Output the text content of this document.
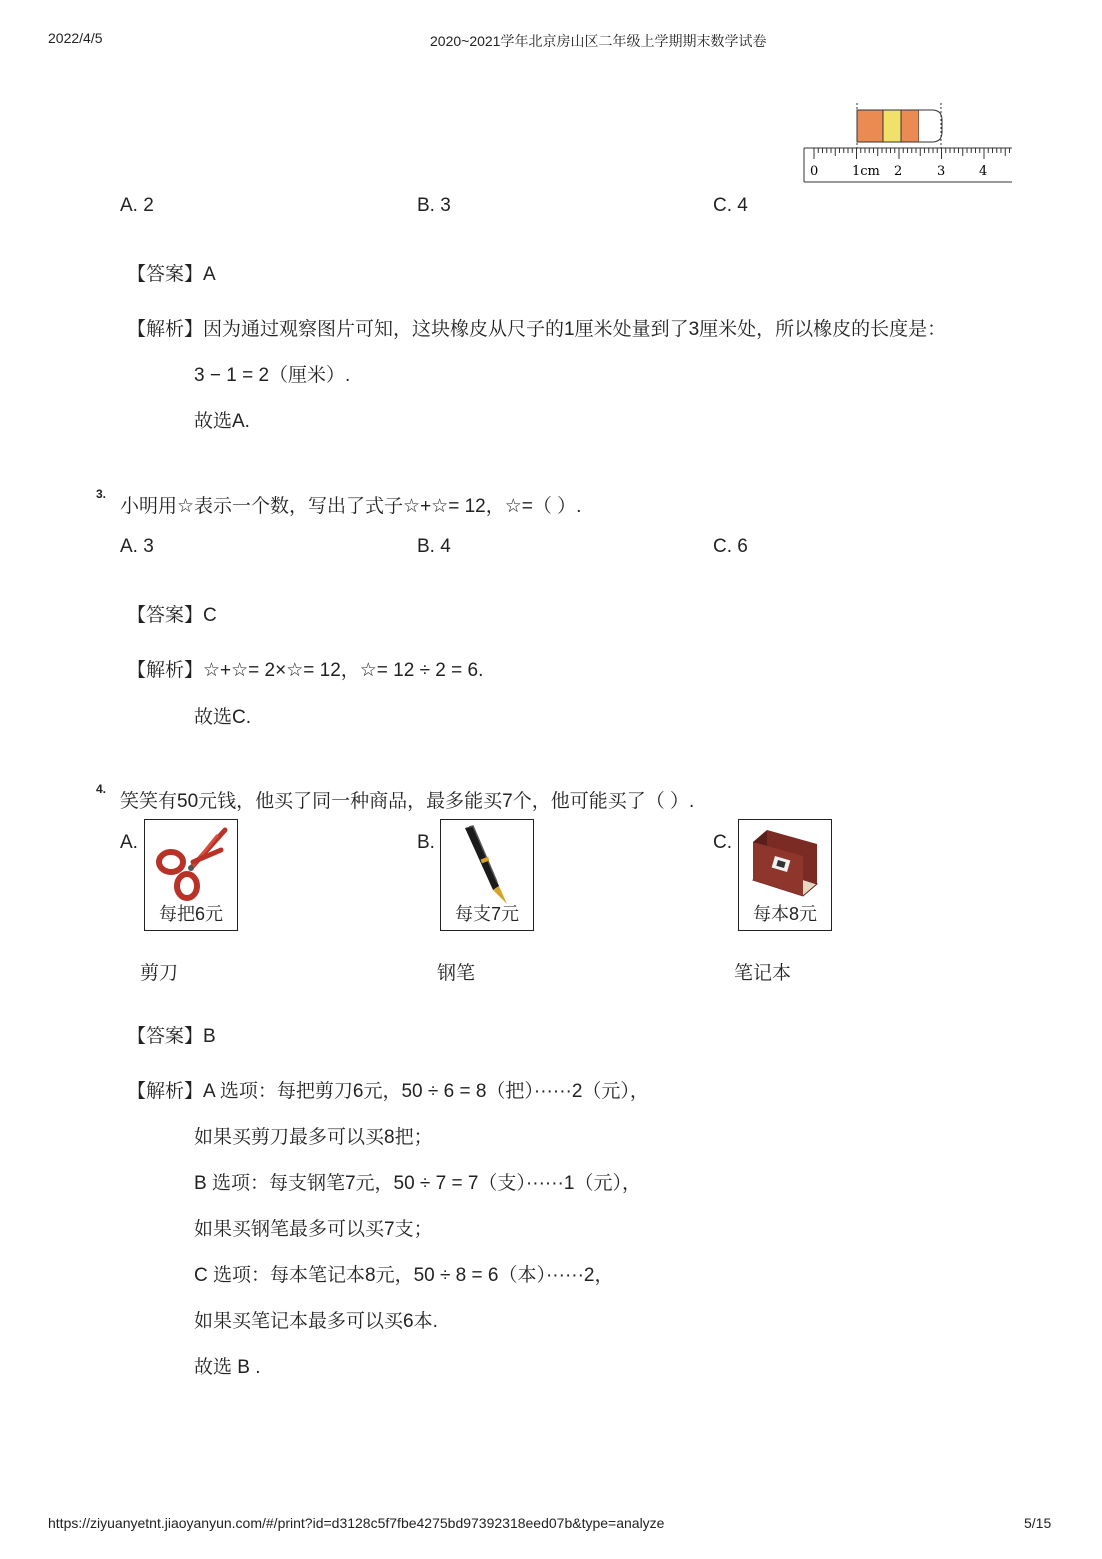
2022/4/5	2020~2021学年北京房山区二年级上学期期末数学试卷
0	1cm 2	3	4
A. 2	B. 3	C. 4
【答案】A
【解析】因为通过观察图片可知，这块橡皮从尺子的1厘米处量到了3厘米处，所以橡皮的长度是：
3 − 1 = 2（厘米）.
故选A.
3.
小明用☆表示一个数，写出了式子☆+☆= 12，☆=（ ）.
A. 3	B. 4	C. 6
【答案】C
【解析】☆+☆= 2×☆= 12，☆= 12 ÷ 2 = 6.
故选C.
4.
笑笑有50元钱，他买了同一种商品，最多能买7个，他可能买了（ ）.
A.
每把6元
剪刀
B.
每支7元
钢笔
C.
每本8元
笔记本
【答案】B
【解析】A 选项：每把剪刀6元，50 ÷ 6 = 8（把）······2（元），
如果买剪刀最多可以买8把；
B 选项：每支钢笔7元，50 ÷ 7 = 7（支）······1（元），
如果买钢笔最多可以买7支；
C 选项：每本笔记本8元，50 ÷ 8 = 6（本）······2，
如果买笔记本最多可以买6本.
故选 B .
https://ziyuanyetnt.jiaoyanyun.com/#/print?id=d3128c5f7fbe4275bd97392318eed07b&type=analyze	5/15
